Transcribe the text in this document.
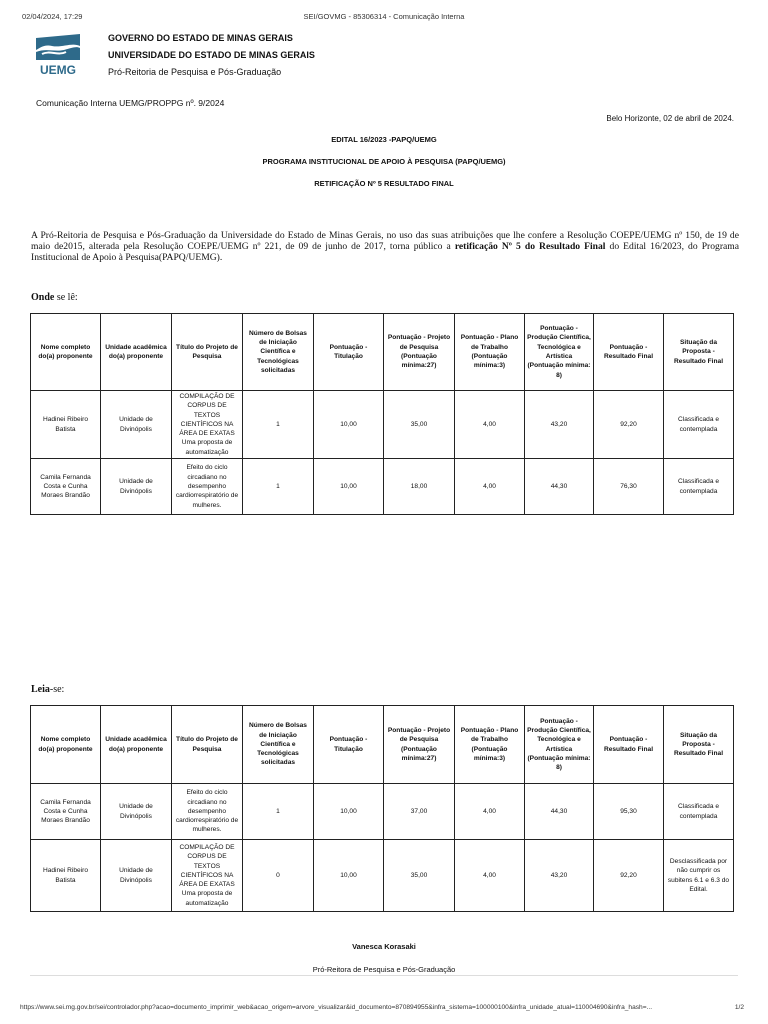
02/04/2024, 17:29	SEI/GOVMG - 85306314 - Comunicação Interna
UEMG
GOVERNO DO ESTADO DE MINAS GERAIS
UNIVERSIDADE DO ESTADO DE MINAS GERAIS
Pró-Reitoria de Pesquisa e Pós-Graduação
Comunicação Interna UEMG/PROPPG nº. 9/2024
Belo Horizonte, 02 de abril de 2024.
EDITAL 16/2023 -PAPQ/UEMG
PROGRAMA INSTITUCIONAL DE APOIO À PESQUISA (PAPQ/UEMG)
RETIFICAÇÃO Nº 5 RESULTADO FINAL
A Pró-Reitoria de Pesquisa e Pós-Graduação da Universidade do Estado de Minas Gerais, no uso das suas atribuições que lhe confere a Resolução COEPE/UEMG nº 150, de 19 de maio de2015, alterada pela Resolução COEPE/UEMG nº 221, de 09 de junho de 2017, torna público a retificação Nº 5 do Resultado Final do Edital 16/2023, do Programa Institucional de Apoio à Pesquisa(PAPQ/UEMG).
Onde se lê:
Nome completo do(a) proponente	Unidade acadêmica do(a) proponente	Título do Projeto de Pesquisa	Número de Bolsas de Iniciação Científica e Tecnológicas solicitadas	Pontuação - Titulação	Pontuação - Projeto de Pesquisa (Pontuação mínima:27)	Pontuação - Plano de Trabalho (Pontuação mínima:3)	Pontuação - Produção Científica, Tecnológica e Artística (Pontuação mínima: 8)	Pontuação - Resultado Final	Situação da Proposta - Resultado Final
Hadinei Ribeiro Batista	Unidade de Divinópolis	COMPILAÇÃO DE CORPUS DE TEXTOS CIENTÍFICOS NA ÁREA DE EXATAS Uma proposta de automatização	1	10,00	35,00	4,00	43,20	92,20	Classificada e contemplada
Camila Fernanda Costa e Cunha Moraes Brandão	Unidade de Divinópolis	Efeito do ciclo circadiano no desempenho cardiorrespiratório de mulheres.	1	10,00	18,00	4,00	44,30	76,30	Classificada e contemplada
Leia-se:
Nome completo do(a) proponente	Unidade acadêmica do(a) proponente	Título do Projeto de Pesquisa	Número de Bolsas de Iniciação Científica e Tecnológicas solicitadas	Pontuação - Titulação	Pontuação - Projeto de Pesquisa (Pontuação mínima:27)	Pontuação - Plano de Trabalho (Pontuação mínima:3)	Pontuação - Produção Científica, Tecnológica e Artística (Pontuação mínima: 8)	Pontuação - Resultado Final	Situação da Proposta - Resultado Final
Camila Fernanda Costa e Cunha Moraes Brandão	Unidade de Divinópolis	Efeito do ciclo circadiano no desempenho cardiorrespiratório de mulheres.	1	10,00	37,00	4,00	44,30	95,30	Classificada e contemplada
Hadinei Ribeiro Batista	Unidade de Divinópolis	COMPILAÇÃO DE CORPUS DE TEXTOS CIENTÍFICOS NA ÁREA DE EXATAS Uma proposta de automatização	0	10,00	35,00	4,00	43,20	92,20	Desclassificada por não cumprir os subitens 6.1 e 6.3 do Edital.
Vanesca Korasaki
Pró-Reitora de Pesquisa e Pós-Graduação
https://www.sei.mg.gov.br/sei/controlador.php?acao=documento_imprimir_web&acao_origem=arvore_visualizar&id_documento=870894955&infra_sistema=100000100&infra_unidade_atual=110004690&infra_hash=...	1/2
